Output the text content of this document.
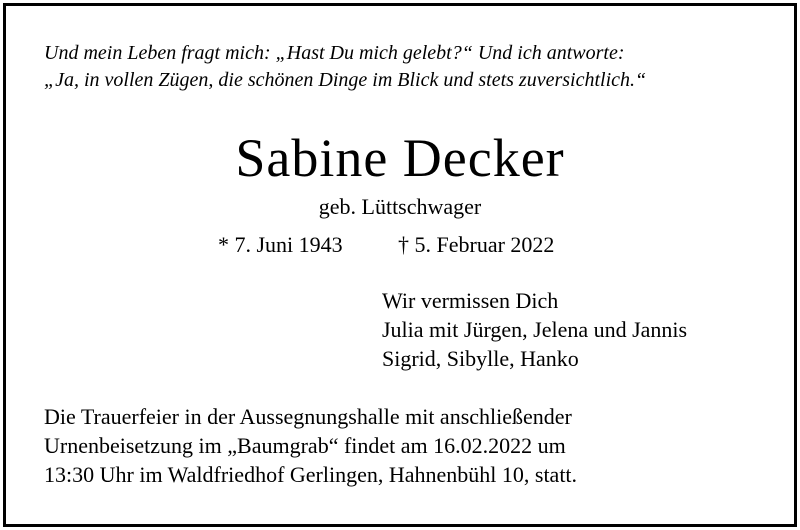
Und mein Leben fragt mich: „Hast Du mich gelebt?“ Und ich antworte:
„Ja, in vollen Zügen, die schönen Dinge im Blick und stets zuversichtlich.“
Sabine Decker
geb. Lüttschwager
* 7. Juni 1943	† 5. Februar 2022
Wir vermissen Dich
Julia mit Jürgen, Jelena und Jannis
Sigrid, Sibylle, Hanko
Die Trauerfeier in der Aussegnungshalle mit anschließender
Urnenbeisetzung im „Baumgrab“ findet am 16.02.2022 um
13:30 Uhr im Waldfriedhof Gerlingen, Hahnenbühl 10, statt.
